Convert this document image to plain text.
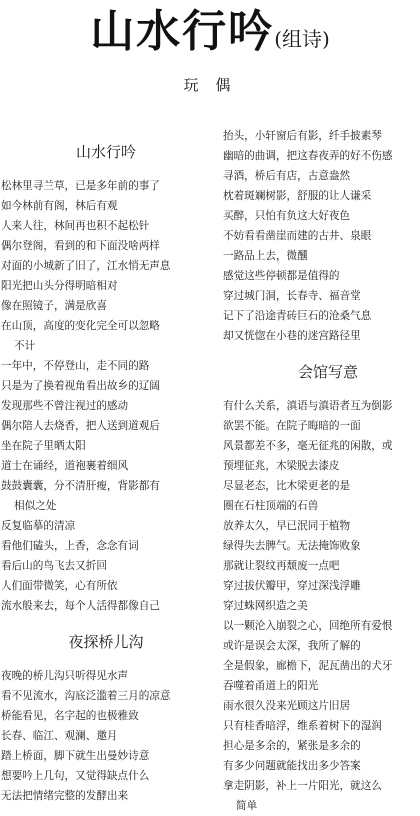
山水行吟(组诗)
玩 偶
山水行吟
松林里寻兰草，已是多年前的事了
如今林前有阁，林后有观
人来人往，林间再也积不起松针
偶尔登阁，看到的和下面没啥两样
对面的小城新了旧了，江水悄无声息
阳光把山头分得明暗相对
像在照镜子，满是欣喜
在山顶，高度的变化完全可以忽略
不计
一年中，不停登山，走不同的路
只是为了换着视角看出故乡的辽阔
发现那些不曾注视过的感动
偶尔陪人去烧香，把人送到道观后
坐在院子里晒太阳
道士在诵经，道袍裹着细风
鼓鼓囊囊，分不清肝瘦，背影都有
相似之处
反复临摹的清凉
看他们磕头，上香，念念有词
看后山的鸟飞去又折回
人们面带微笑，心有所依
流水般来去，每个人活得都像自己
夜探桥儿沟
夜晚的桥儿沟只听得见水声
看不见流水，沟底泛滥着三月的凉意
桥能看见，名字起的也极雅致
长春、临江、观澜、邀月
踏上桥面，脚下就生出曼妙诗意
想要吟上几句，又觉得缺点什么
无法把情绪完整的发酵出来
抬头，小轩窗后有影，纤手披素琴
幽暗的曲调，把这春夜弄的好不伤感
寻酒，桥后有店，古意盎然
枕着斑斓树影，舒服的让人谦采
买醉，只怕有负这大好夜色
不妨看看凿崖而建的古井、泉眼
一路品上去，微醺
感觉这些停顿都是值得的
穿过城门洞，长春寺、福音堂
记下了沿途青砖巨石的沧桑气息
却又恍惚在小巷的迷宫路径里
会馆写意
有什么关系，滇语与滇语者互为倒影
欲罢不能。在院子晦暗的一面
风景都差不多，毫无征兆的闲散，或
预埋征兆，木梁脱去漆皮
尽显老态，比木梁更老的是
圈在石柱顶端的石兽
放养太久，早已泯同于植物
绿得失去脾气。无法掩饰败象
那就让裂纹再颓废一点吧
穿过拔伏瓣甲，穿过深浅浮雕
穿过蛛网织造之美
以一颗沦入崩裂之心，回绝所有爱恨
或许是误会太深，我所了解的
全是假象，廊檐下，泥瓦凿出的犬牙
吞噬着甬道上的阳光
雨水很久没来光顾这片旧居
只有桂香暗浮，维系着树下的湿润
担心是多余的，紧张是多余的
有多少问题就能找出多少答案
拿走阴影，补上一片阳光，就这么
简单
